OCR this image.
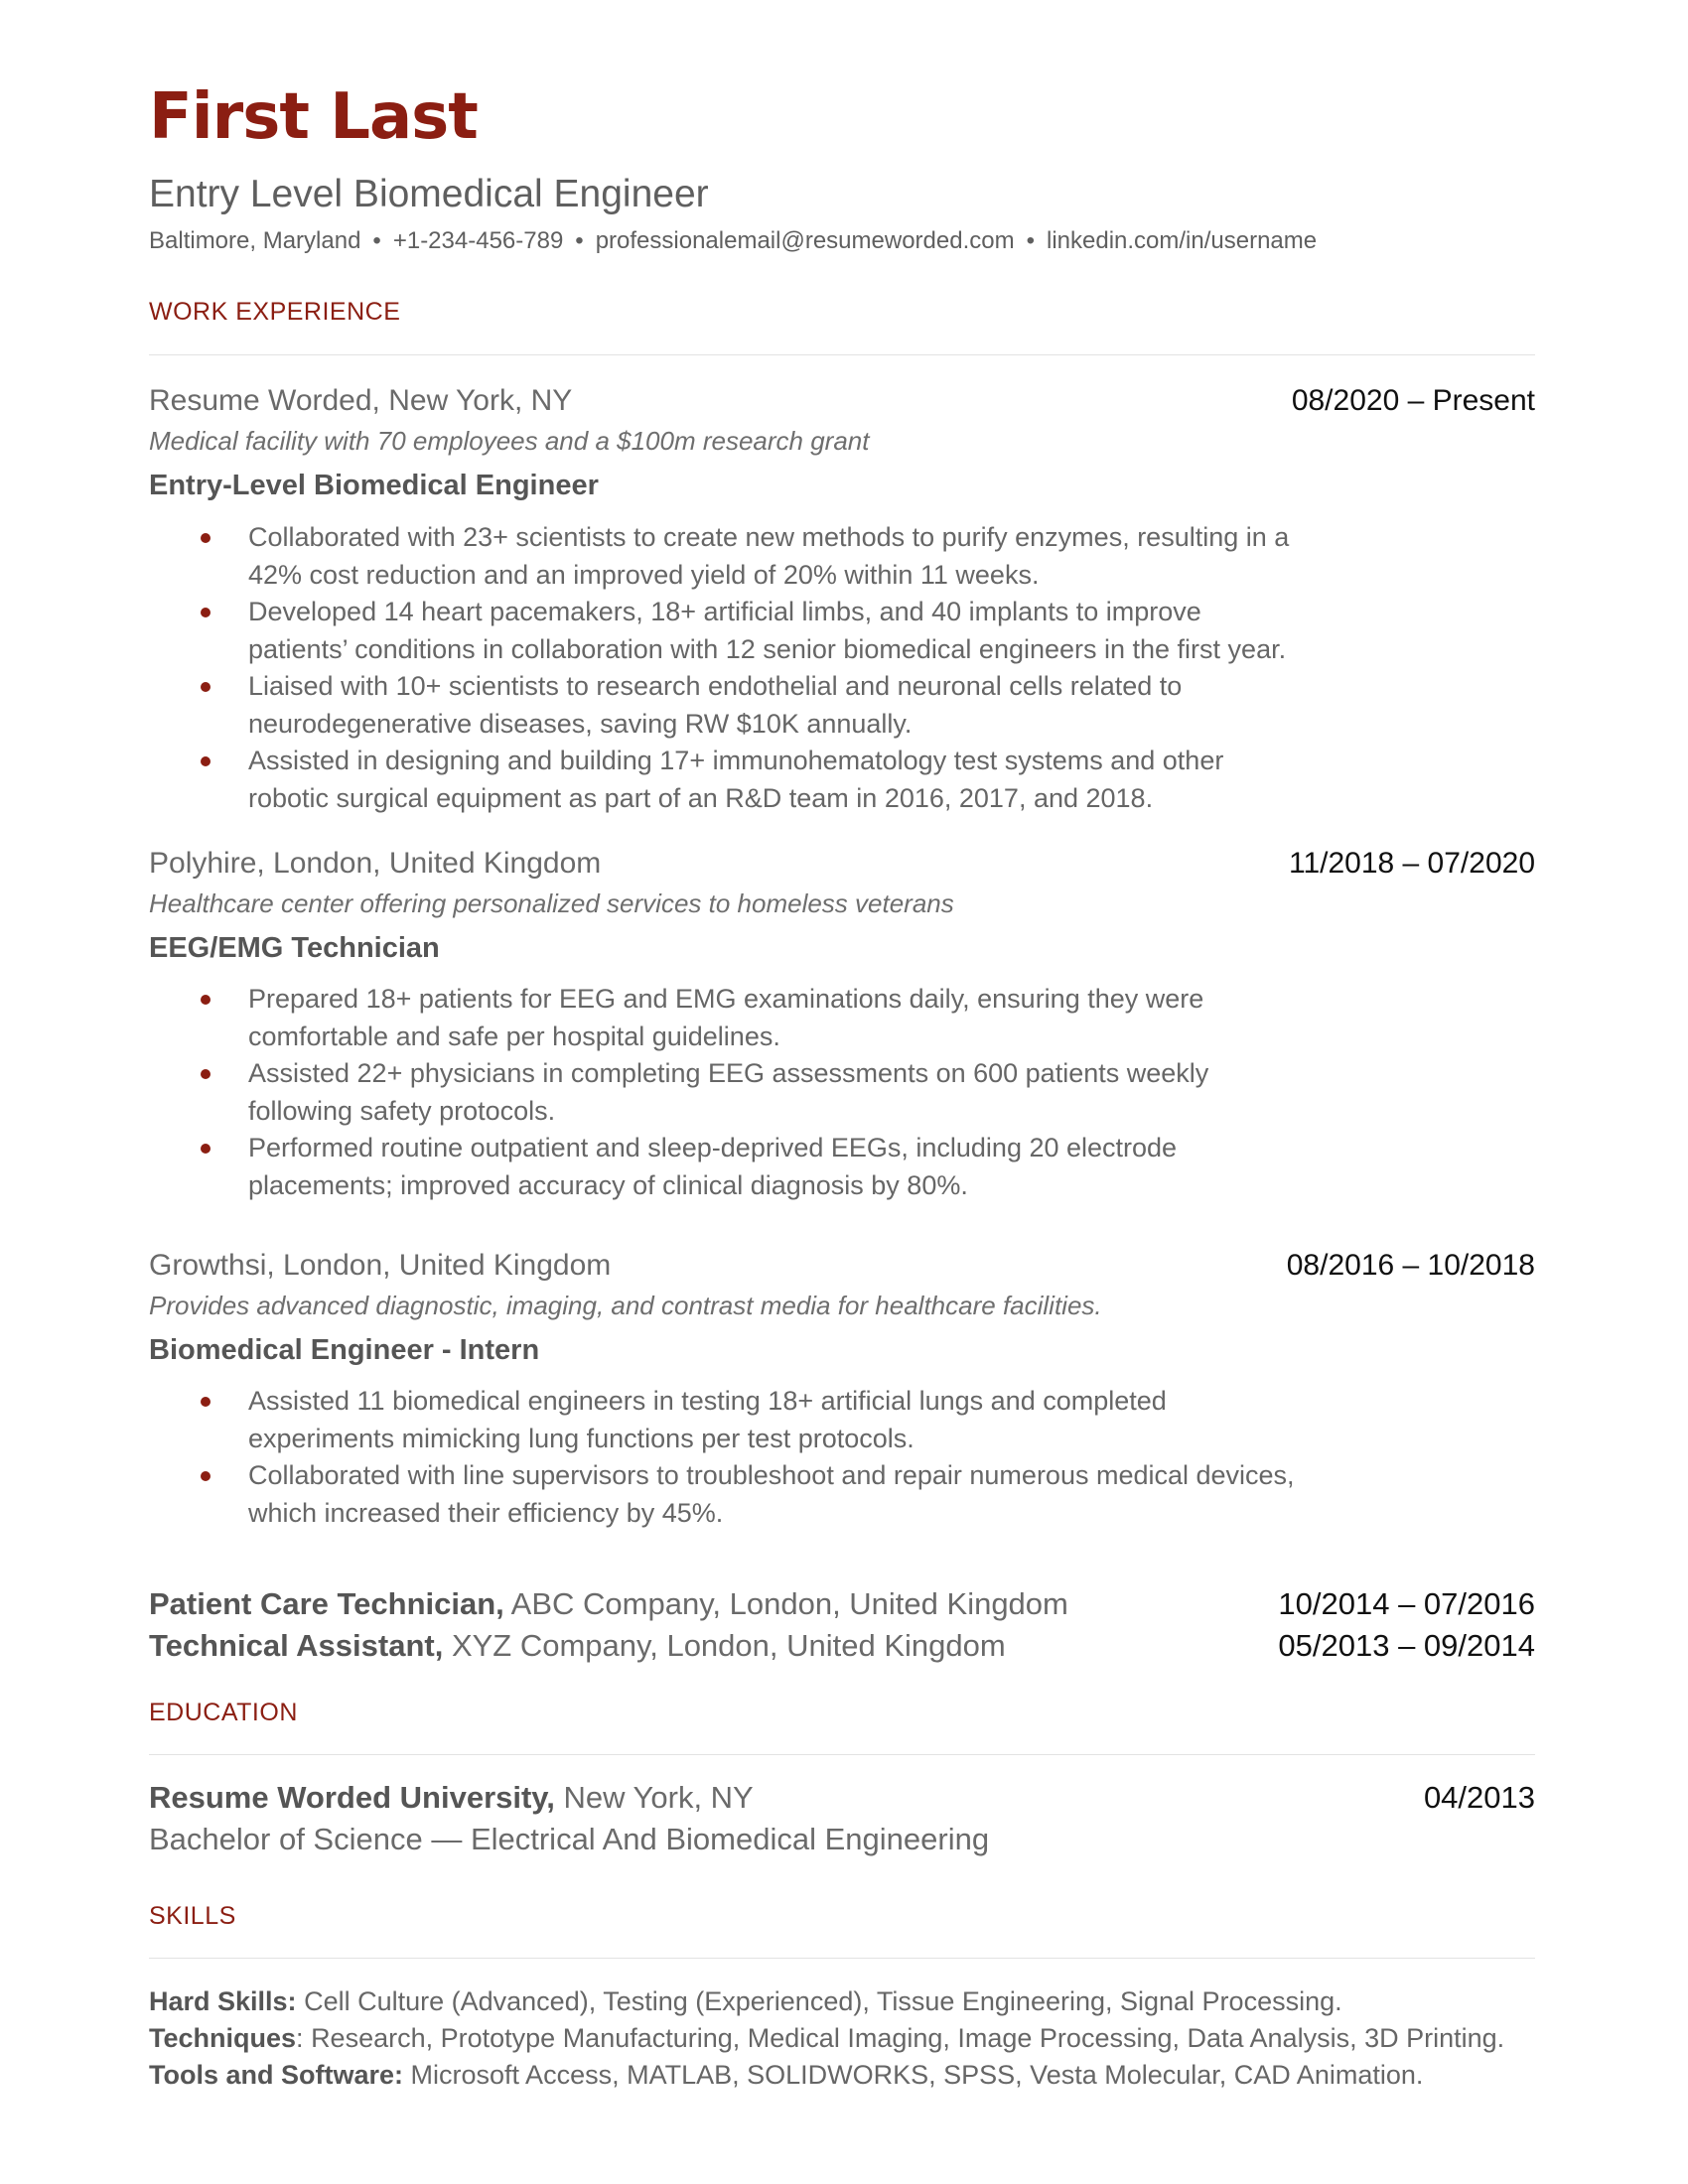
First Last
Entry Level Biomedical Engineer
Baltimore, Maryland • +1-234-456-789 • professionalemail@resumeworded.com • linkedin.com/in/username
WORK EXPERIENCE
Resume Worded, New York, NY	08/2020 – Present
Medical facility with 70 employees and a $100m research grant
Entry-Level Biomedical Engineer
Collaborated with 23+ scientists to create new methods to purify enzymes, resulting in a 42% cost reduction and an improved yield of 20% within 11 weeks.
Developed 14 heart pacemakers, 18+ artificial limbs, and 40 implants to improve patients’ conditions in collaboration with 12 senior biomedical engineers in the first year.
Liaised with 10+ scientists to research endothelial and neuronal cells related to neurodegenerative diseases, saving RW $10K annually.
Assisted in designing and building 17+ immunohematology test systems and other robotic surgical equipment as part of an R&D team in 2016, 2017, and 2018.
Polyhire, London, United Kingdom	11/2018 – 07/2020
Healthcare center offering personalized services to homeless veterans
EEG/EMG Technician
Prepared 18+ patients for EEG and EMG examinations daily, ensuring they were comfortable and safe per hospital guidelines.
Assisted 22+ physicians in completing EEG assessments on 600 patients weekly following safety protocols.
Performed routine outpatient and sleep-deprived EEGs, including 20 electrode placements; improved accuracy of clinical diagnosis by 80%.
Growthsi, London, United Kingdom	08/2016 – 10/2018
Provides advanced diagnostic, imaging, and contrast media for healthcare facilities.
Biomedical Engineer - Intern
Assisted 11 biomedical engineers in testing 18+ artificial lungs and completed experiments mimicking lung functions per test protocols.
Collaborated with line supervisors to troubleshoot and repair numerous medical devices, which increased their efficiency by 45%.
Patient Care Technician, ABC Company, London, United Kingdom	10/2014 – 07/2016
Technical Assistant, XYZ Company, London, United Kingdom	05/2013 – 09/2014
EDUCATION
Resume Worded University, New York, NY	04/2013
Bachelor of Science — Electrical And Biomedical Engineering
SKILLS
Hard Skills: Cell Culture (Advanced), Testing (Experienced), Tissue Engineering, Signal Processing.
Techniques: Research, Prototype Manufacturing, Medical Imaging, Image Processing, Data Analysis, 3D Printing.
Tools and Software: Microsoft Access, MATLAB, SOLIDWORKS, SPSS, Vesta Molecular, CAD Animation.
